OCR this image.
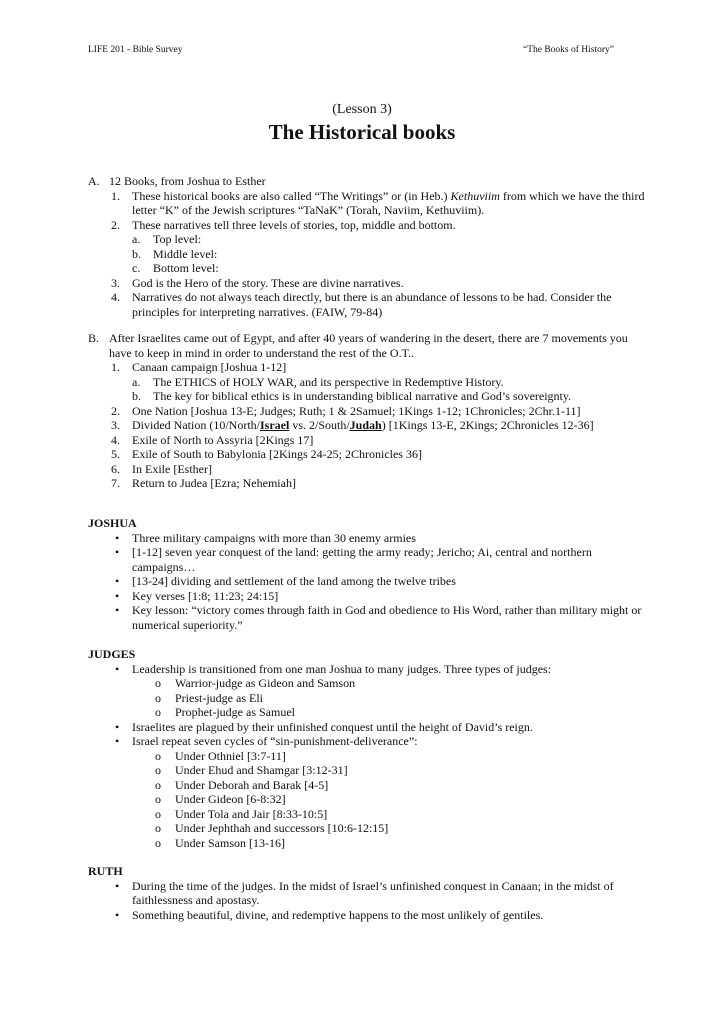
LIFE 201 - Bible Survey	“The Books of History”
(Lesson 3)
The Historical books
A. 12 Books, from Joshua to Esther
1. These historical books are also called “The Writings” or (in Heb.) Kethuviim from which we have the third letter “K” of the Jewish scriptures “TaNaK” (Torah, Naviim, Kethuviim).
2. These narratives tell three levels of stories, top, middle and bottom.
a. Top level:
b. Middle level:
c. Bottom level:
3. God is the Hero of the story. These are divine narratives.
4. Narratives do not always teach directly, but there is an abundance of lessons to be had. Consider the principles for interpreting narratives. (FAIW, 79-84)
B. After Israelites came out of Egypt, and after 40 years of wandering in the desert, there are 7 movements you have to keep in mind in order to understand the rest of the O.T..
1. Canaan campaign [Joshua 1-12]
a. The ETHICS of HOLY WAR, and its perspective in Redemptive History.
b. The key for biblical ethics is in understanding biblical narrative and God’s sovereignty.
2. One Nation [Joshua 13-E; Judges; Ruth; 1 & 2Samuel; 1Kings 1-12; 1Chronicles; 2Chr.1-11]
3. Divided Nation (10/North/Israel vs. 2/South/Judah) [1Kings 13-E, 2Kings; 2Chronicles 12-36]
4. Exile of North to Assyria [2Kings 17]
5. Exile of South to Babylonia [2Kings 24-25; 2Chronicles 36]
6. In Exile [Esther]
7. Return to Judea [Ezra; Nehemiah]
JOSHUA
• Three military campaigns with more than 30 enemy armies
• [1-12] seven year conquest of the land: getting the army ready; Jericho; Ai, central and northern campaigns…
• [13-24] dividing and settlement of the land among the twelve tribes
• Key verses [1:8; 11:23; 24:15]
• Key lesson: “victory comes through faith in God and obedience to His Word, rather than military might or numerical superiority.”
JUDGES
• Leadership is transitioned from one man Joshua to many judges. Three types of judges:
o Warrior-judge as Gideon and Samson
o Priest-judge as Eli
o Prophet-judge as Samuel
• Israelites are plagued by their unfinished conquest until the height of David’s reign.
• Israel repeat seven cycles of “sin-punishment-deliverance”:
o Under Othniel [3:7-11]
o Under Ehud and Shamgar [3:12-31]
o Under Deborah and Barak [4-5]
o Under Gideon [6-8:32]
o Under Tola and Jair [8:33-10:5]
o Under Jephthah and successors [10:6-12:15]
o Under Samson [13-16]
RUTH
• During the time of the judges. In the midst of Israel’s unfinished conquest in Canaan; in the midst of faithlessness and apostasy.
• Something beautiful, divine, and redemptive happens to the most unlikely of gentiles.
